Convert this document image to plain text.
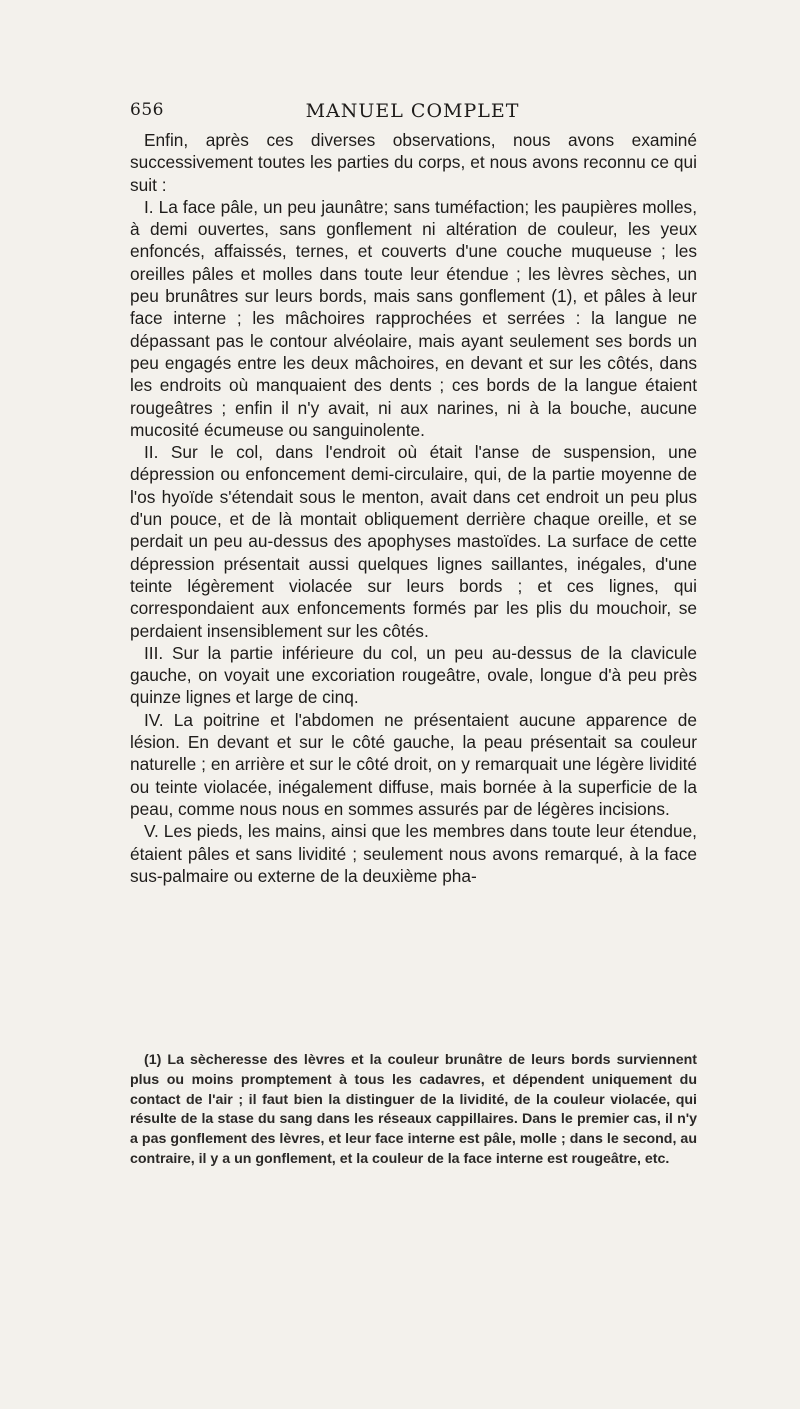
656	MANUEL COMPLET

Enfin, après ces diverses observations, nous avons examiné successivement toutes les parties du corps, et nous avons reconnu ce qui suit :

I. La face pâle, un peu jaunâtre; sans tuméfaction; les paupières molles, à demi ouvertes, sans gonflement ni altération de couleur, les yeux enfoncés, affaissés, ternes, et couverts d'une couche muqueuse ; les oreilles pâles et molles dans toute leur étendue ; les lèvres sèches, un peu brunâtres sur leurs bords, mais sans gonflement (1), et pâles à leur face interne ; les mâchoires rapprochées et serrées : la langue ne dépassant pas le contour alvéolaire, mais ayant seulement ses bords un peu engagés entre les deux mâchoires, en devant et sur les côtés, dans les endroits où manquaient des dents ; ces bords de la langue étaient rougeâtres ; enfin il n'y avait, ni aux narines, ni à la bouche, aucune mucosité écumeuse ou sanguinolente.

II. Sur le col, dans l'endroit où était l'anse de suspension, une dépression ou enfoncement demi-circulaire, qui, de la partie moyenne de l'os hyoïde s'étendait sous le menton, avait dans cet endroit un peu plus d'un pouce, et de là montait obliquement derrière chaque oreille, et se perdait un peu au-dessus des apophyses mastoïdes. La surface de cette dépression présentait aussi quelques lignes saillantes, inégales, d'une teinte légèrement violacée sur leurs bords ; et ces lignes, qui correspondaient aux enfoncements formés par les plis du mouchoir, se perdaient insensiblement sur les côtés.

III. Sur la partie inférieure du col, un peu au-dessus de la clavicule gauche, on voyait une excoriation rougeâtre, ovale, longue d'à peu près quinze lignes et large de cinq.

IV. La poitrine et l'abdomen ne présentaient aucune apparence de lésion. En devant et sur le côté gauche, la peau présentait sa couleur naturelle ; en arrière et sur le côté droit, on y remarquait une légère lividité ou teinte violacée, inégalement diffuse, mais bornée à la superficie de la peau, comme nous nous en sommes assurés par de légères incisions.

V. Les pieds, les mains, ainsi que les membres dans toute leur étendue, étaient pâles et sans lividité ; seulement nous avons remarqué, à la face sus-palmaire ou externe de la deuxième pha-

(1) La sècheresse des lèvres et la couleur brunâtre de leurs bords surviennent plus ou moins promptement à tous les cadavres, et dépendent uniquement du contact de l'air ; il faut bien la distinguer de la lividité, de la couleur violacée, qui résulte de la stase du sang dans les réseaux cappillaires. Dans le premier cas, il n'y a pas gonflement des lèvres, et leur face interne est pâle, molle ; dans le second, au contraire, il y a un gonflement, et la couleur de la face interne est rougeâtre, etc.
